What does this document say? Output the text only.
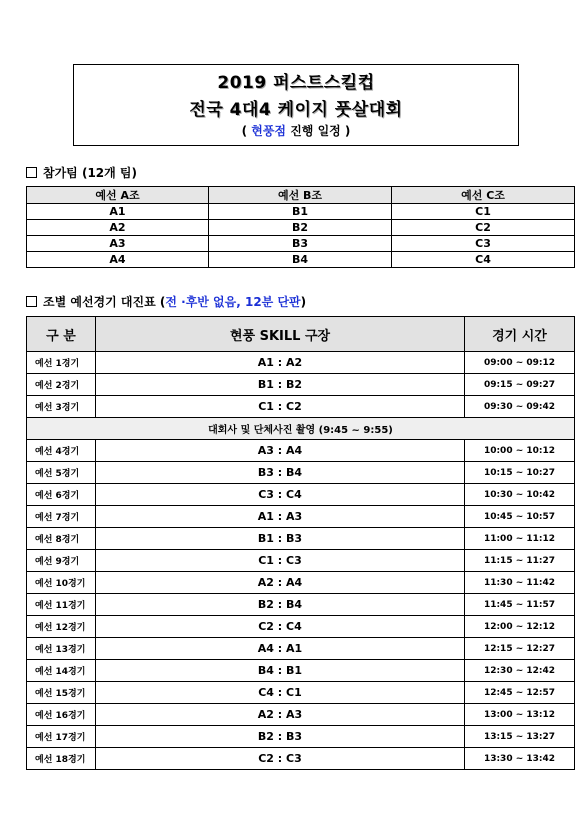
2019 퍼스트스킬컵
전국 4대4 케이지 풋살대회
( 현풍점 진행 일정 )
참가팀 (12개 팀)
예선 A조	예선 B조	예선 C조
A1	B1	C1
A2	B2	C2
A3	B3	C3
A4	B4	C4
조별 예선경기 대진표 (전 ·후반 없음, 12분 단판)
구 분	현풍 SKILL 구장	경기 시간
예선 1경기	A1 : A2	09:00 ~ 09:12
예선 2경기	B1 : B2	09:15 ~ 09:27
예선 3경기	C1 : C2	09:30 ~ 09:42
대회사 및 단체사진 촬영 (9:45 ~ 9:55)		
예선 4경기	A3 : A4	10:00 ~ 10:12
예선 5경기	B3 : B4	10:15 ~ 10:27
예선 6경기	C3 : C4	10:30 ~ 10:42
예선 7경기	A1 : A3	10:45 ~ 10:57
예선 8경기	B1 : B3	11:00 ~ 11:12
예선 9경기	C1 : C3	11:15 ~ 11:27
예선 10경기	A2 : A4	11:30 ~ 11:42
예선 11경기	B2 : B4	11:45 ~ 11:57
예선 12경기	C2 : C4	12:00 ~ 12:12
예선 13경기	A4 : A1	12:15 ~ 12:27
예선 14경기	B4 : B1	12:30 ~ 12:42
예선 15경기	C4 : C1	12:45 ~ 12:57
예선 16경기	A2 : A3	13:00 ~ 13:12
예선 17경기	B2 : B3	13:15 ~ 13:27
예선 18경기	C2 : C3	13:30 ~ 13:42
